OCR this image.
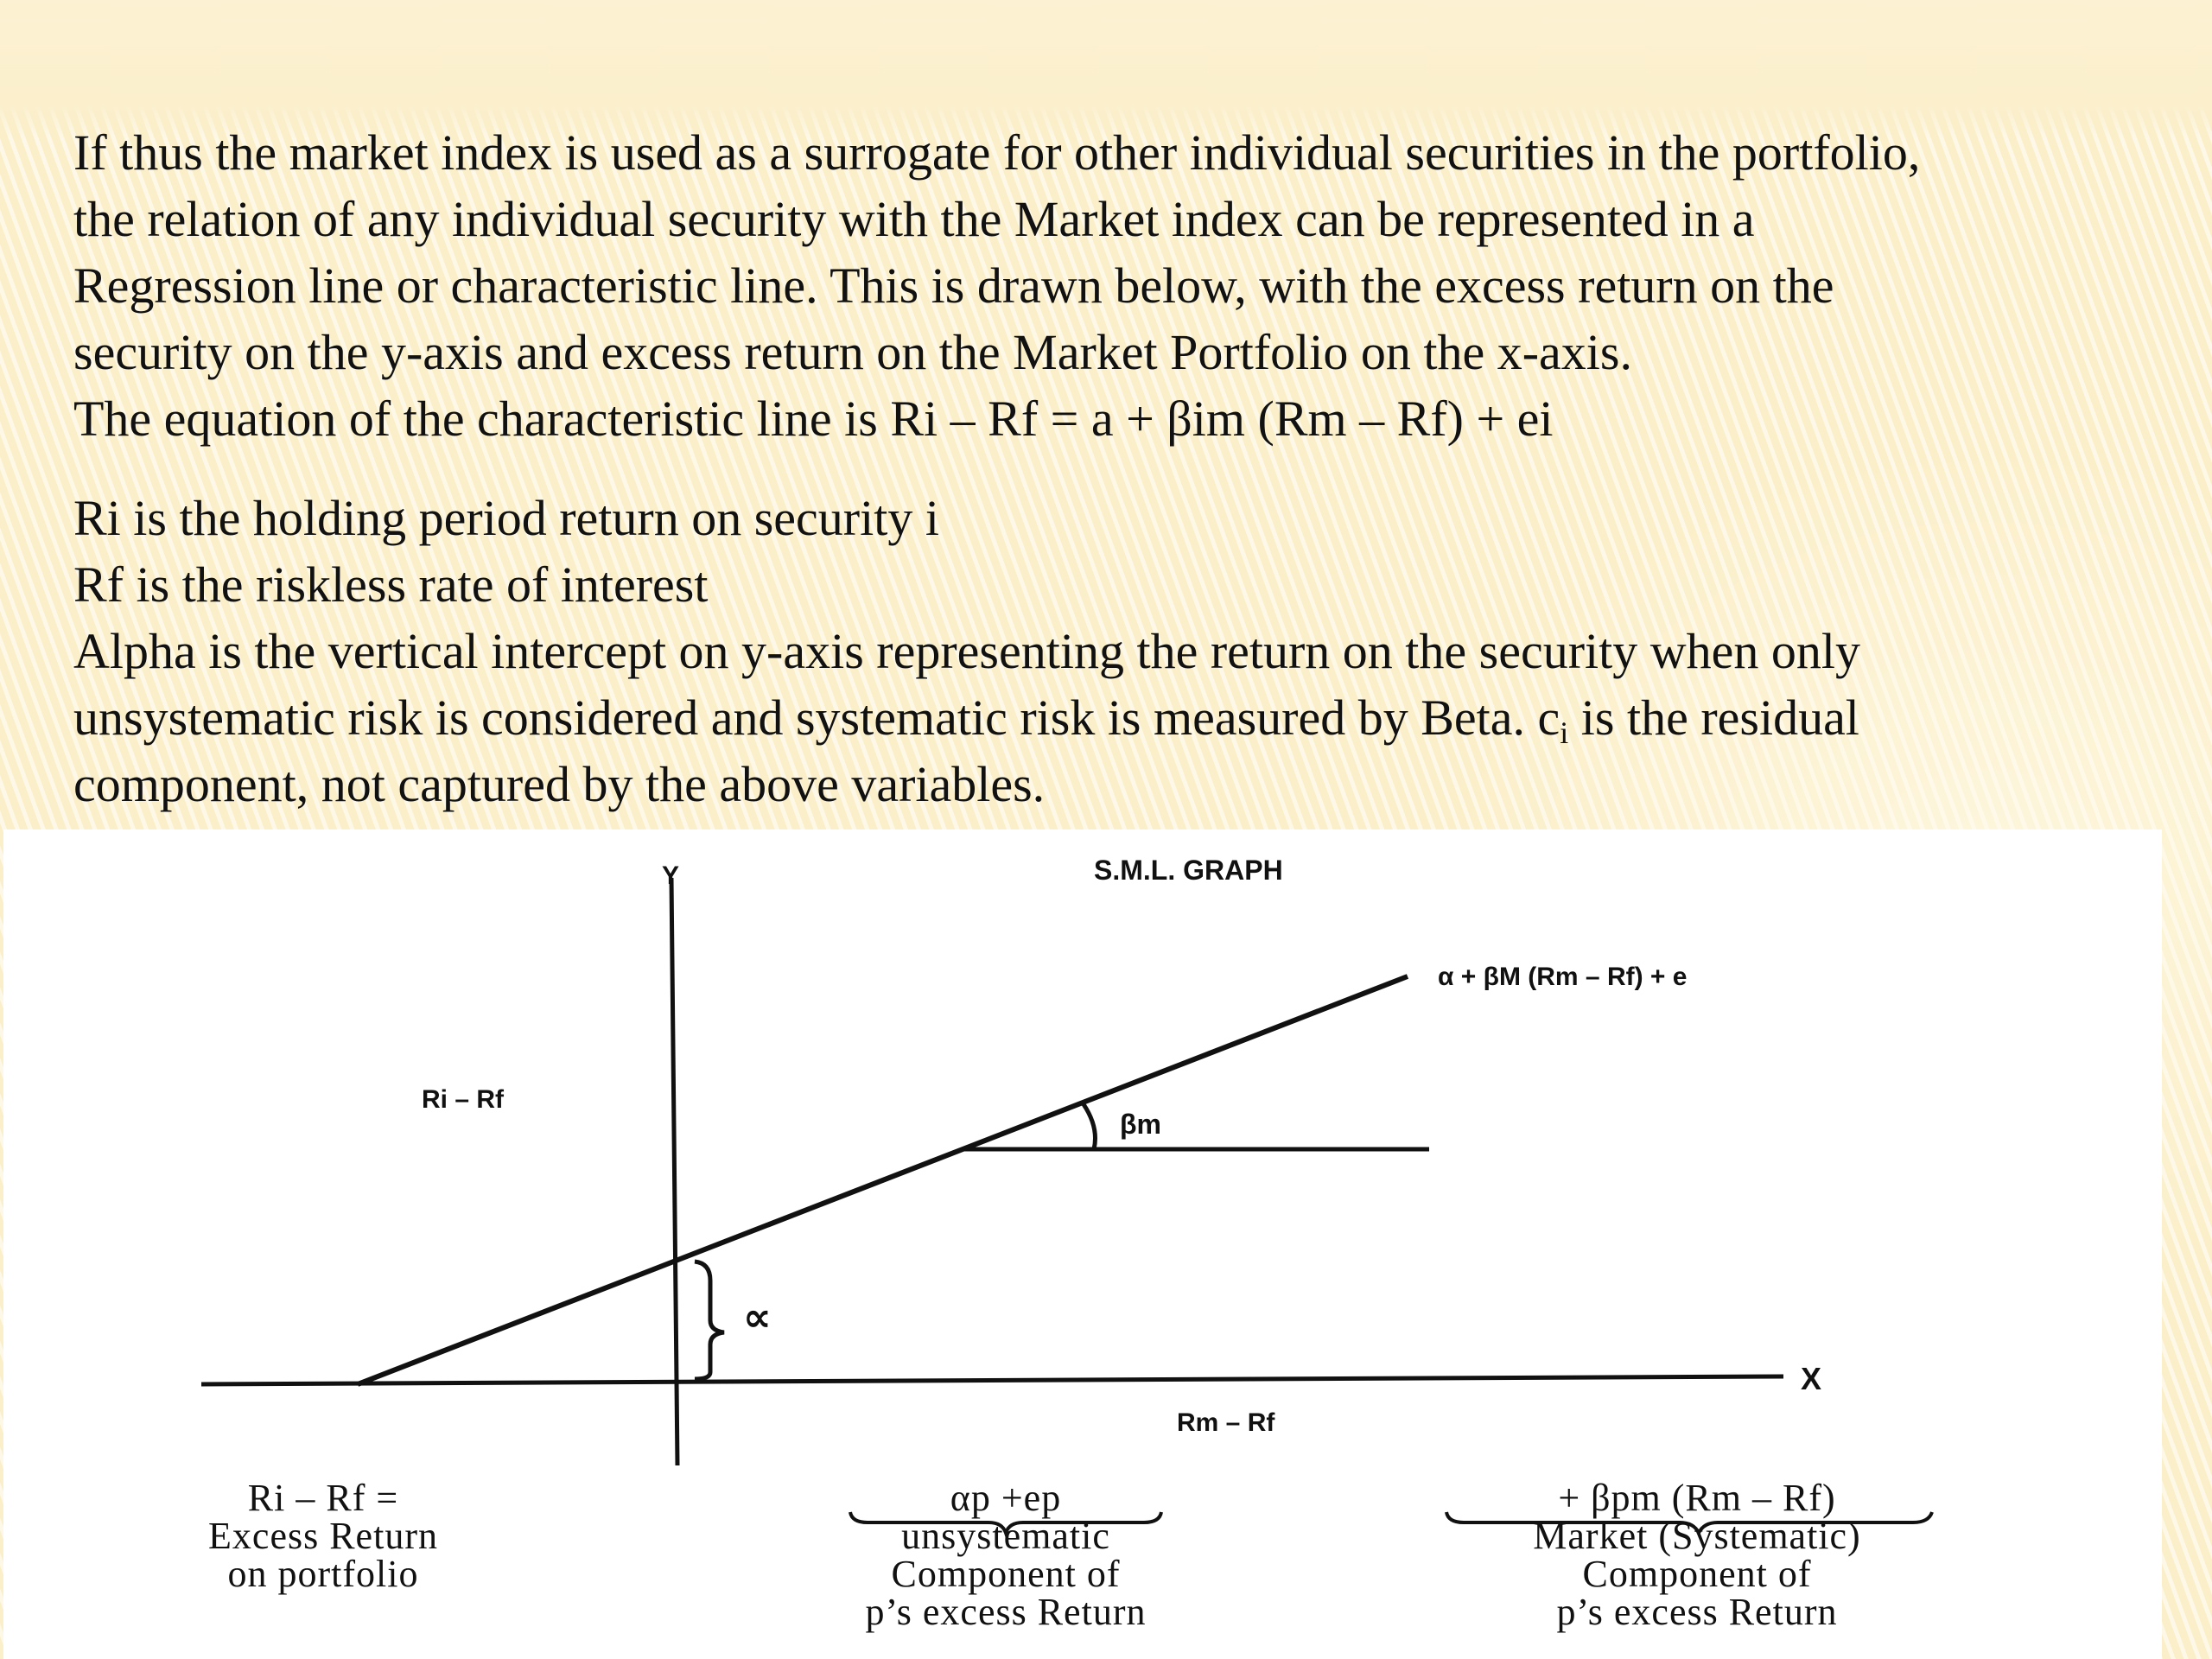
If thus the market index is used as a surrogate for other individual securities in the portfolio,
the relation of any individual security with the Market index can be represented in a
Regression line or characteristic line. This is drawn below, with the excess return on the
security on the y-axis and excess return on the Market Portfolio on the x-axis.
The equation of the characteristic line is Ri – Rf = a + βim (Rm – Rf) + ei
Ri is the holding period return on security i
Rf is the riskless rate of interest
Alpha is the vertical intercept on y-axis representing the return on the security when only
unsystematic risk is considered and systematic risk is measured by Beta. $c_i$ is the residual
component, not captured by the above variables.
Y	S.M.L. GRAPH
α + βM (Rm – Rf) + e
Ri – Rf
βm
∝
X
Rm – Rf
Ri – Rf =
Excess Return
on portfolio
αp +ep
unsystematic
Component of
p’s excess Return
+ βpm (Rm – Rf)
Market (Systematic)
Component of
p’s excess Return
